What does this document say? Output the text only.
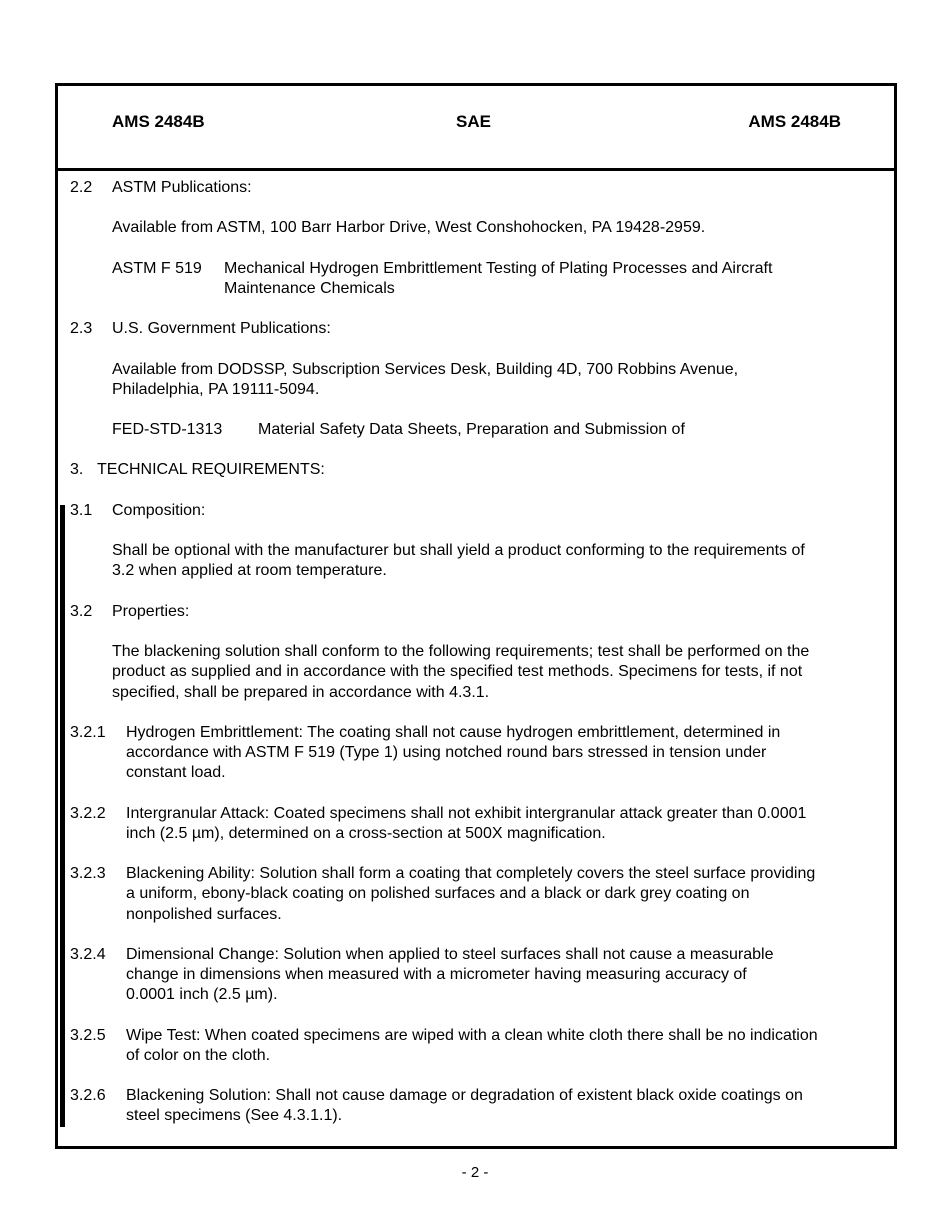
AMS 2484B	SAE	AMS 2484B
2.2 ASTM Publications:
Available from ASTM, 100 Barr Harbor Drive, West Conshohocken, PA 19428-2959.
ASTM F 519 Mechanical Hydrogen Embrittlement Testing of Plating Processes and Aircraft
Maintenance Chemicals
2.3 U.S. Government Publications:
Available from DODSSP, Subscription Services Desk, Building 4D, 700 Robbins Avenue,
Philadelphia, PA 19111-5094.
FED-STD-1313 Material Safety Data Sheets, Preparation and Submission of
3. TECHNICAL REQUIREMENTS:
3.1 Composition:
Shall be optional with the manufacturer but shall yield a product conforming to the requirements of
3.2 when applied at room temperature.
3.2 Properties:
The blackening solution shall conform to the following requirements; test shall be performed on the
product as supplied and in accordance with the specified test methods. Specimens for tests, if not
specified, shall be prepared in accordance with 4.3.1.
3.2.1 Hydrogen Embrittlement: The coating shall not cause hydrogen embrittlement, determined in
accordance with ASTM F 519 (Type 1) using notched round bars stressed in tension under
constant load.
3.2.2 Intergranular Attack: Coated specimens shall not exhibit intergranular attack greater than 0.0001
inch (2.5 µm), determined on a cross-section at 500X magnification.
3.2.3 Blackening Ability: Solution shall form a coating that completely covers the steel surface providing
a uniform, ebony-black coating on polished surfaces and a black or dark grey coating on
nonpolished surfaces.
3.2.4 Dimensional Change: Solution when applied to steel surfaces shall not cause a measurable
change in dimensions when measured with a micrometer having measuring accuracy of
0.0001 inch (2.5 µm).
3.2.5 Wipe Test: When coated specimens are wiped with a clean white cloth there shall be no indication
of color on the cloth.
3.2.6 Blackening Solution: Shall not cause damage or degradation of existent black oxide coatings on
steel specimens (See 4.3.1.1).
- 2 -
